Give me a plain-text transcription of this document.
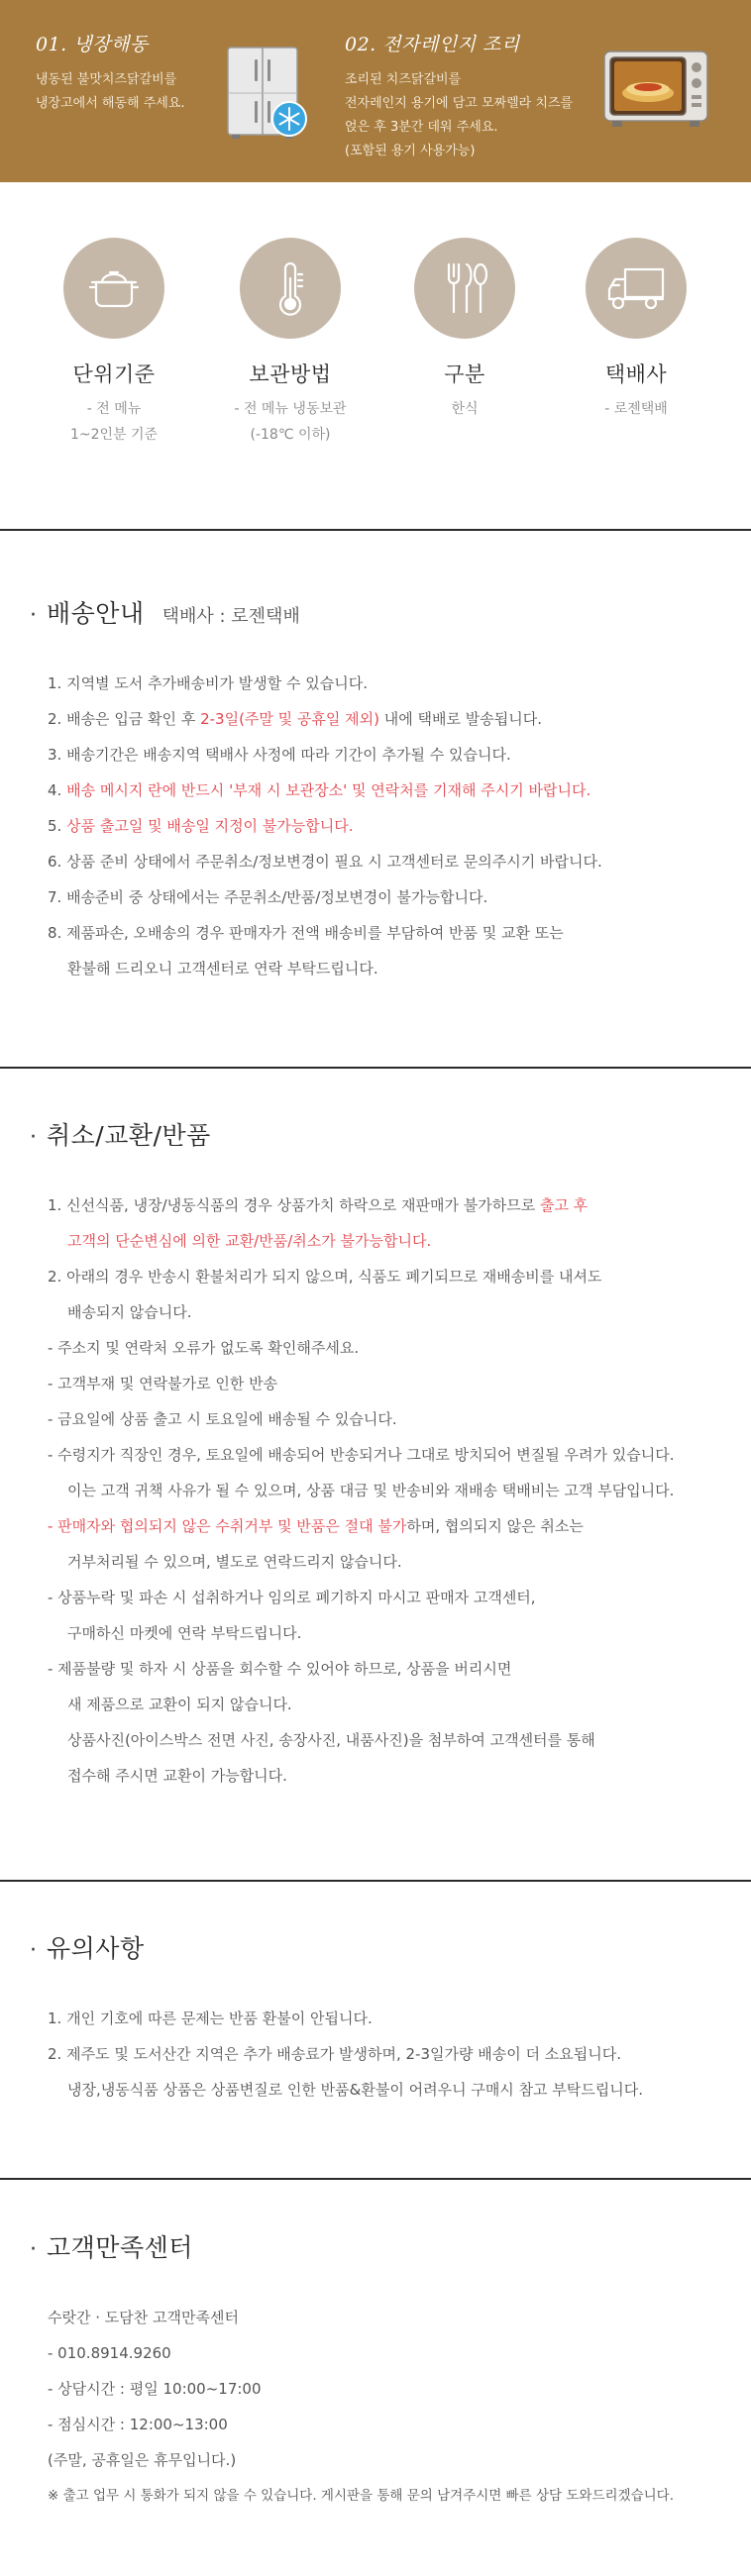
01. 냉장해동
냉동된 불맛치즈닭갈비를
냉장고에서 해동해 주세요.
02. 전자레인지 조리
조리된 치즈닭갈비를
전자레인지 용기에 담고 모짜렐라 치즈를
얹은 후 3분간 데워 주세요.
(포함된 용기 사용가능)
단위기준
- 전 메뉴
1~2인분 기준
보관방법
- 전 메뉴 냉동보관
(-18℃ 이하)
구분
한식
택배사
- 로젠택배
· 배송안내 택배사 : 로젠택배
1. 지역별 도서 추가배송비가 발생할 수 있습니다.
2. 배송은 입금 확인 후 2-3일(주말 및 공휴일 제외) 내에 택배로 발송됩니다.
3. 배송기간은 배송지역 택배사 사정에 따라 기간이 추가될 수 있습니다.
4. 배송 메시지 란에 반드시 '부재 시 보관장소' 및 연락처를 기재해 주시기 바랍니다.
5. 상품 출고일 및 배송일 지정이 불가능합니다.
6. 상품 준비 상태에서 주문취소/정보변경이 필요 시 고객센터로 문의주시기 바랍니다.
7. 배송준비 중 상태에서는 주문취소/반품/정보변경이 불가능합니다.
8. 제품파손, 오배송의 경우 판매자가 전액 배송비를 부담하여 반품 및 교환 또는
환불해 드리오니 고객센터로 연락 부탁드립니다.
· 취소/교환/반품
1. 신선식품, 냉장/냉동식품의 경우 상품가치 하락으로 재판매가 불가하므로 출고 후
고객의 단순변심에 의한 교환/반품/취소가 불가능합니다.
2. 아래의 경우 반송시 환불처리가 되지 않으며, 식품도 폐기되므로 재배송비를 내셔도
배송되지 않습니다.
- 주소지 및 연락처 오류가 없도록 확인해주세요.
- 고객부재 및 연락불가로 인한 반송
- 금요일에 상품 출고 시 토요일에 배송될 수 있습니다.
- 수령지가 직장인 경우, 토요일에 배송되어 반송되거나 그대로 방치되어 변질될 우려가 있습니다.
이는 고객 귀책 사유가 될 수 있으며, 상품 대금 및 반송비와 재배송 택배비는 고객 부담입니다.
- 판매자와 협의되지 않은 수취거부 및 반품은 절대 불가하며, 협의되지 않은 취소는
거부처리될 수 있으며, 별도로 연락드리지 않습니다.
- 상품누락 및 파손 시 섭취하거나 임의로 폐기하지 마시고 판매자 고객센터,
구매하신 마켓에 연락 부탁드립니다.
- 제품불량 및 하자 시 상품을 회수할 수 있어야 하므로, 상품을 버리시면
새 제품으로 교환이 되지 않습니다.
상품사진(아이스박스 전면 사진, 송장사진, 내품사진)을 첨부하여 고객센터를 통해
접수해 주시면 교환이 가능합니다.
· 유의사항
1. 개인 기호에 따른 문제는 반품 환불이 안됩니다.
2. 제주도 및 도서산간 지역은 추가 배송료가 발생하며, 2-3일가량 배송이 더 소요됩니다.
냉장,냉동식품 상품은 상품변질로 인한 반품&환불이 어려우니 구매시 참고 부탁드립니다.
· 고객만족센터
수랏간 · 도담찬 고객만족센터
- 010.8914.9260
- 상담시간 : 평일 10:00~17:00
- 점심시간 : 12:00~13:00
(주말, 공휴일은 휴무입니다.)
※ 출고 업무 시 통화가 되지 않을 수 있습니다. 게시판을 통해 문의 남겨주시면 빠른 상담 도와드리겠습니다.
